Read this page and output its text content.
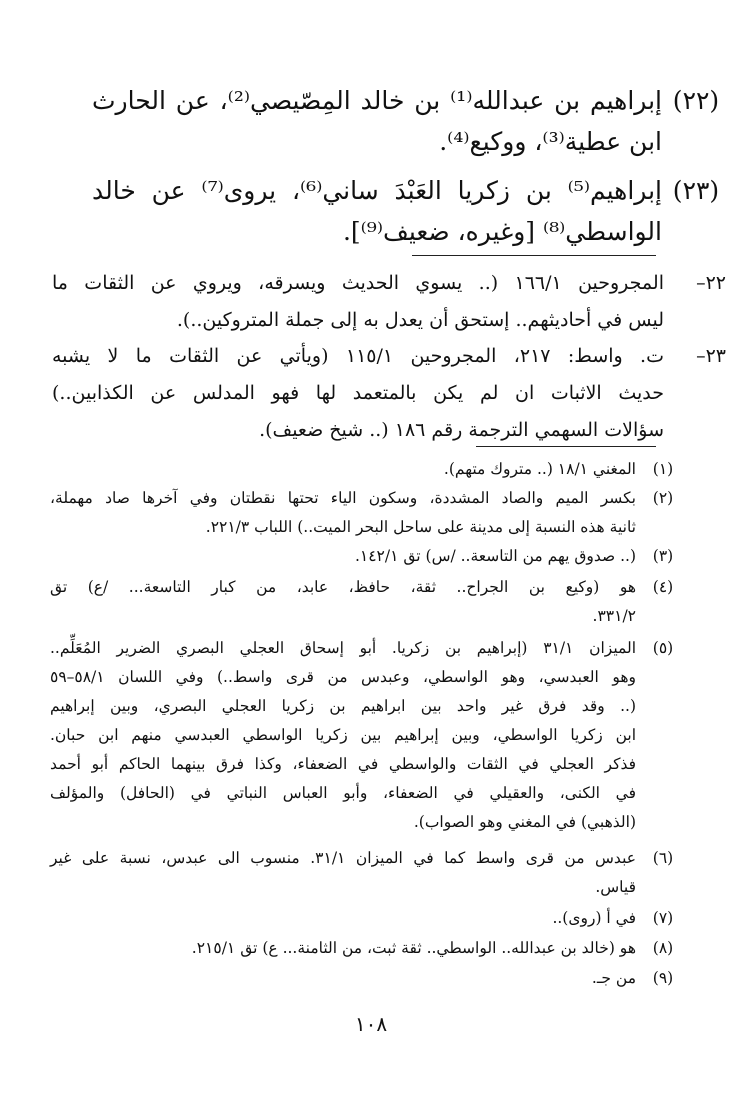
(٢٢)
إبراهيم بن عبدالله⁽¹⁾ بن خالد المِصّيصي⁽²⁾، عن الحارث
ابن عطية⁽³⁾، ووكيع⁽⁴⁾.
(٢٣)
إبراهيم⁽⁵⁾ بن زكريا العَبْدَ ساني⁽⁶⁾، يروى⁽⁷⁾ عن خالد
الواسطي⁽⁸⁾ [وغيره، ضعيف⁽⁹⁾].
٢٢–
المجروحين ١٦٦/١ (.. يسوي الحديث ويسرقه، ويروي عن الثقات ما
ليس في أحاديثهم.. إستحق أن يعدل به إلى جملة المتروكين..).
٢٣–
ت. واسط: ٢١٧، المجروحين ١١٥/١ (ويأتي عن الثقات ما لا يشبه
حديث الاثبات ان لم يكن بالمتعمد لها فهو المدلس عن الكذابين..)
سؤالات السهمي الترجمة رقم ١٨٦ (.. شيخ ضعيف).
(١)
المغني ١٨/١ (.. متروك متهم).
(٢)
بكسر الميم والصاد المشددة، وسكون الياء تحتها نقطتان وفي آخرها صاد مهملة،
ثانية هذه النسبة إلى مدينة على ساحل البحر الميت..) اللباب ٢٢١/٣.
(٣)
(.. صدوق يهم من التاسعة.. /س) تق ١٤٢/١.
(٤)
هو (وكيع بن الجراح.. ثقة، حافظ، عابد، من كبار التاسعة... /ع) تق
٣٣١/٢.
(٥)
الميزان ٣١/١ (إبراهيم بن زكريا. أبو إسحاق العجلي البصري الضرير المُعَلِّم..
وهو العبدسي، وهو الواسطي، وعبدس من قرى واسط..) وفي اللسان ٥٨/١–٥٩
(.. وقد فرق غير واحد بين ابراهيم بن زكريا العجلي البصري، وبين إبراهيم
ابن زكريا الواسطي، وبين إبراهيم بين زكريا الواسطي العبدسي منهم ابن حبان.
فذكر العجلي في الثقات والواسطي في الضعفاء، وكذا فرق بينهما الحاكم أبو أحمد
في الكنى، والعقيلي في الضعفاء، وأبو العباس النباتي في (الحافل) والمؤلف
(الذهبي) في المغني وهو الصواب).
(٦)
عبدس من قرى واسط كما في الميزان ٣١/١. منسوب الى عبدس، نسبة على غير
قياس.
(٧)
في أ (روى)..
(٨)
هو (خالد بن عبدالله.. الواسطي.. ثقة ثبت، من الثامنة... ع) تق ٢١٥/١.
(٩)
من جـ.
١٠٨
